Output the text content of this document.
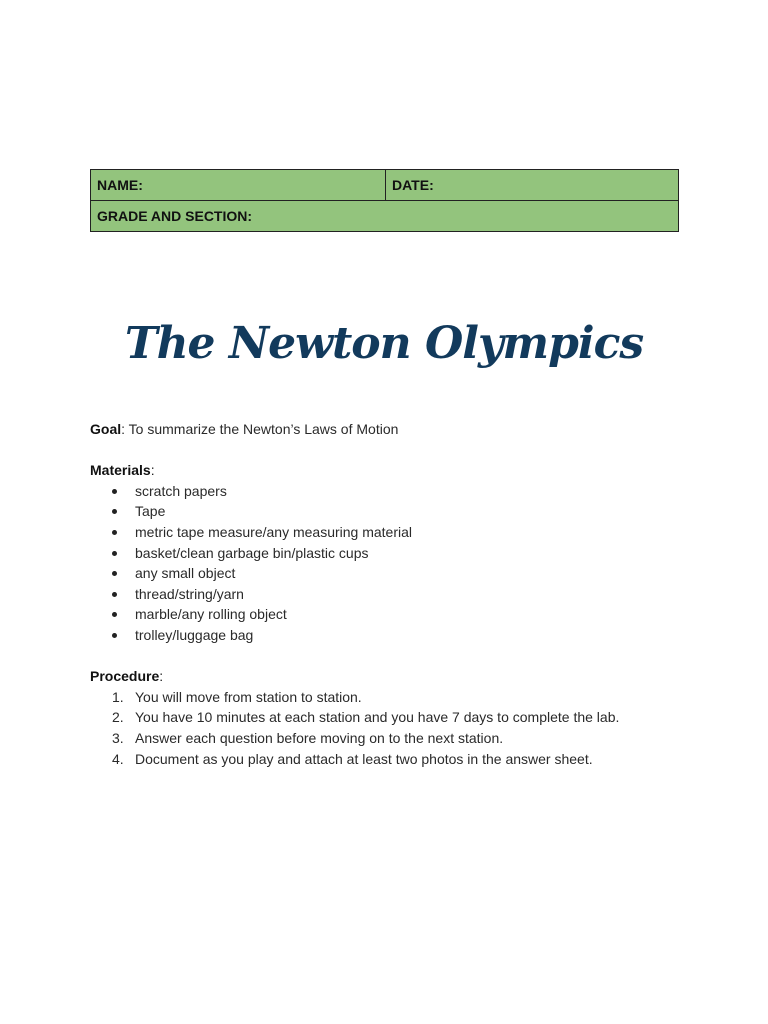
NAME:	DATE:
GRADE AND SECTION:
The Newton Olympics

Goal: To summarize the Newton’s Laws of Motion

Materials:

scratch papers
Tape
metric tape measure/any measuring material
basket/clean garbage bin/plastic cups
any small object
thread/string/yarn
marble/any rolling object
trolley/luggage bag

Procedure:

1. You will move from station to station.
2. You have 10 minutes at each station and you have 7 days to complete the lab.
3. Answer each question before moving on to the next station.
4. Document as you play and attach at least two photos in the answer sheet.
